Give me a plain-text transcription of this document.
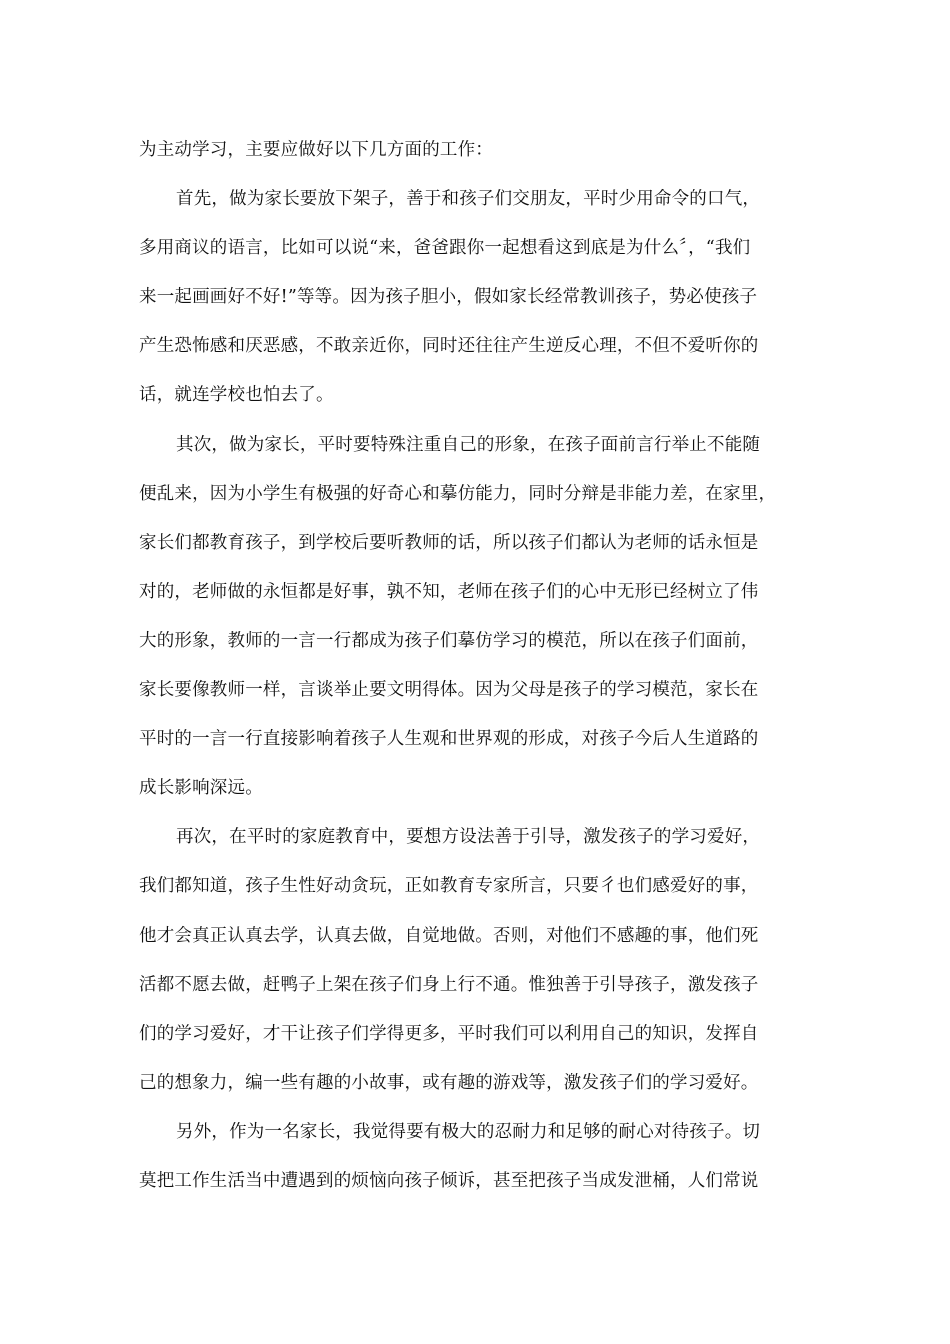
为主动学习，主要应做好以下几方面的工作：
首先，做为家长要放下架子，善于和孩子们交朋友，平时少用命令的口气，
多用商议的语言，比如可以说“来，爸爸跟你一起想看这到底是为什么〞，“我们
来一起画画好不好!”等等。因为孩子胆小，假如家长经常教训孩子，势必使孩子
产生恐怖感和厌恶感，不敢亲近你，同时还往往产生逆反心理，不但不爱听你的
话，就连学校也怕去了。
其次，做为家长，平时要特殊注重自己的形象，在孩子面前言行举止不能随
便乱来，因为小学生有极强的好奇心和摹仿能力，同时分辩是非能力差，在家里，
家长们都教育孩子，到学校后要听教师的话，所以孩子们都认为老师的话永恒是
对的，老师做的永恒都是好事，孰不知，老师在孩子们的心中无形已经树立了伟
大的形象，教师的一言一行都成为孩子们摹仿学习的模范，所以在孩子们面前，
家长要像教师一样，言谈举止要文明得体。因为父母是孩子的学习模范，家长在
平时的一言一行直接影响着孩子人生观和世界观的形成，对孩子今后人生道路的
成长影响深远。
再次，在平时的家庭教育中，要想方设法善于引导，激发孩子的学习爱好，
我们都知道，孩子生性好动贪玩，正如教育专家所言，只要彳也们感爱好的事，
他才会真正认真去学，认真去做，自觉地做。否则，对他们不感趣的事，他们死
活都不愿去做，赶鸭子上架在孩子们身上行不通。惟独善于引导孩子，激发孩子
们的学习爱好，才干让孩子们学得更多，平时我们可以利用自己的知识，发挥自
己的想象力，编一些有趣的小故事，或有趣的游戏等，激发孩子们的学习爱好。
另外，作为一名家长，我觉得要有极大的忍耐力和足够的耐心对待孩子。切
莫把工作生活当中遭遇到的烦恼向孩子倾诉，甚至把孩子当成发泄桶，人们常说
